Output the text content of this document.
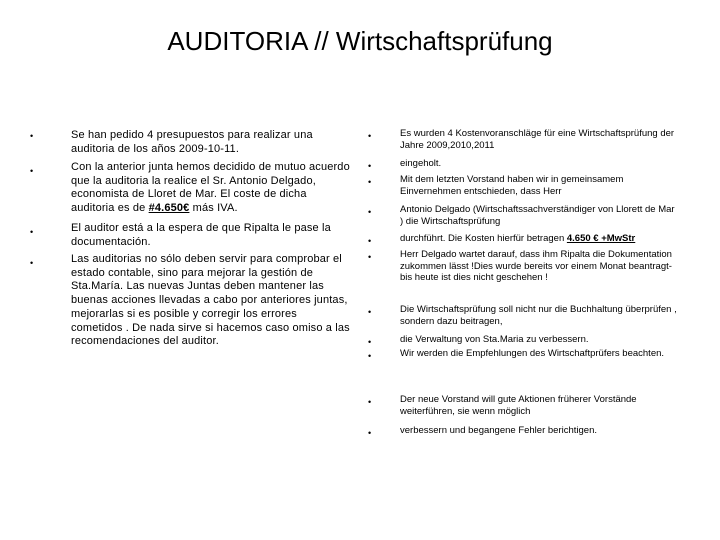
AUDITORIA // Wirtschaftsprüfung
•
•
•
•
Se han pedido 4 presupuestos para realizar una auditoria de los años 2009-10-11.
Con la anterior junta hemos decidido de mutuo acuerdo que la auditoria la realice el Sr. Antonio Delgado, economista de Lloret de Mar. El coste de dicha auditoria es de #4.650€ más IVA.
El auditor está a la espera de que Ripalta le pase la documentación.
Las auditorias no sólo deben servir para comprobar el estado contable, sino para mejorar la gestión de Sta.María. Las nuevas Juntas deben mantener las buenas acciones llevadas a cabo por anteriores juntas, mejorarlas si es posible y corregir los errores cometidos . De nada sirve si hacemos caso omiso a las recomendaciones del auditor.
•
•
•
•
•
•
•
•
•
•
•
Es wurden 4 Kostenvoranschläge für eine Wirtschaftsprüfung der Jahre 2009,2010,2011
eingeholt.
Mit dem letzten Vorstand haben wir in gemeinsamem Einvernehmen entschieden, dass Herr
Antonio Delgado (Wirtschaftssachverständiger von Llorett de Mar ) die Wirtschaftsprüfung
durchführt. Die Kosten hierfür betragen 4.650 € +MwStr
Herr Delgado wartet darauf, dass ihm Ripalta die Dokumentation zukommen lässt !Dies wurde bereits vor einem Monat beantragt- bis heute ist dies nicht geschehen !
Die Wirtschaftsprüfung soll nicht nur die Buchhaltung überprüfen , sondern dazu beitragen,
die Verwaltung von Sta.Maria zu verbessern.
Wir werden die Empfehlungen des Wirtschaftprüfers beachten.
Der neue Vorstand will gute Aktionen früherer Vorstände weiterführen, sie wenn möglich
verbessern und begangene Fehler berichtigen.
